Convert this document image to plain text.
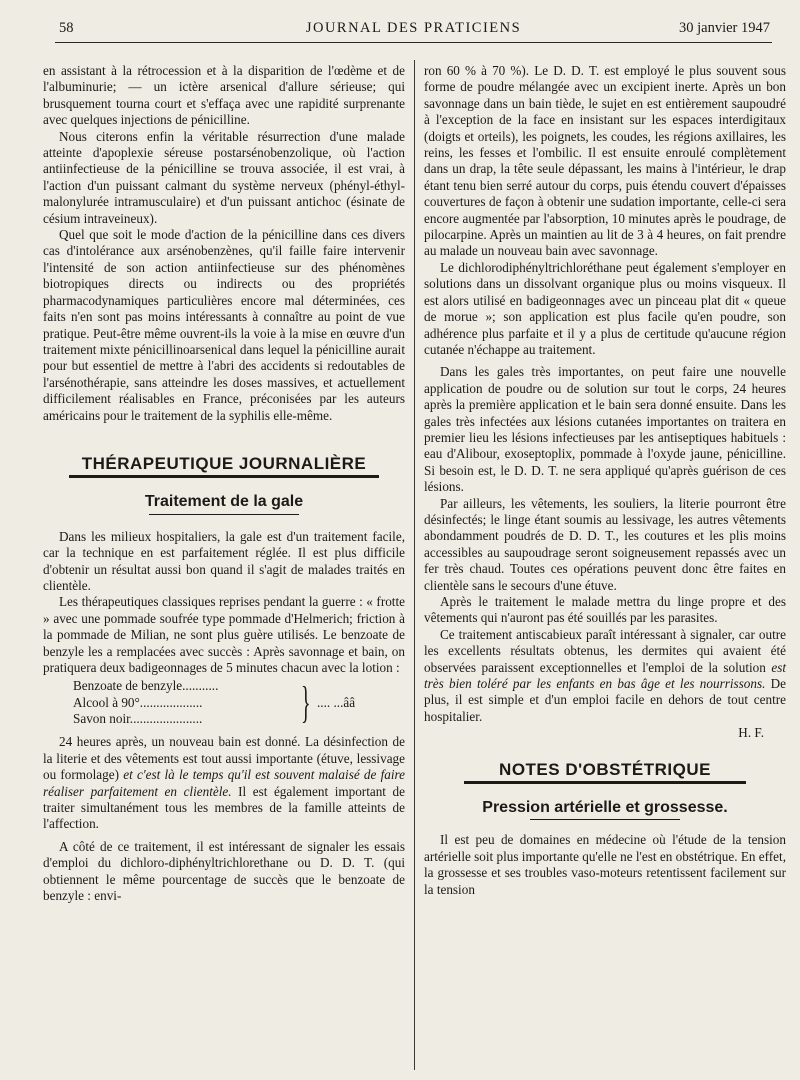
58	JOURNAL DES PRATICIENS	30 janvier 1947

en assistant à la rétrocession et à la disparition de l'œdème et de l'albuminurie; — un ictère arsenical d'allure sérieuse; qui brusquement tourna court et s'effaça avec une rapidité surprenante avec quelques injections de pénicilline.

Nous citerons enfin la véritable résurrection d'une malade atteinte d'apoplexie séreuse postarsénobenzolique, où l'action antiinfectieuse de la pénicilline se trouva associée, il est vrai, à l'action d'un puissant calmant du système nerveux (phényl-éthyl-malonylurée intramusculaire) et d'un puissant antichoc (ésinate de césium intraveineux).

Quel que soit le mode d'action de la pénicilline dans ces divers cas d'intolérance aux arsénobenzènes, qu'il faille faire intervenir l'intensité de son action antiinfectieuse sur des phénomènes biotropiques directs ou indirects ou des propriétés pharmacodynamiques particulières encore mal déterminées, ces faits n'en sont pas moins intéressants à connaître au point de vue pratique. Peut-être même ouvrent-ils la voie à la mise en œuvre d'un traitement mixte pénicillinoarsenical dans lequel la pénicilline aurait pour but essentiel de mettre à l'abri des accidents si redoutables de l'arsénothérapie, sans atteindre les doses massives, et actuellement difficilement réalisables en France, préconisées par les auteurs américains pour le traitement de la syphilis elle-même.

THÉRAPEUTIQUE JOURNALIÈRE
Traitement de la gale

Dans les milieux hospitaliers, la gale est d'un traitement facile, car la technique en est parfaitement réglée. Il est plus difficile d'obtenir un résultat aussi bon quand il s'agit de malades traités en clientèle.

Les thérapeutiques classiques reprises pendant la guerre : « frotte » avec une pommade soufrée type pommade d'Helmerich; friction à la pommade de Milian, ne sont plus guère utilisés. Le benzoate de benzyle les a remplacées avec succès : Après savonnage et bain, on pratiquera deux badigeonnages de 5 minutes chacun avec la lotion :

Benzoate de benzyle...........
Alcool à 90°...................
Savon noir......................	} .... ...ââ

24 heures après, un nouveau bain est donné. La désinfection de la literie et des vêtements est tout aussi importante (étuve, lessivage ou formolage) et c'est là le temps qu'il est souvent malaisé de faire réaliser parfaitement en clientèle. Il est également important de traiter simultanément tous les membres de la famille atteints de l'affection.

A côté de ce traitement, il est intéressant de signaler les essais d'emploi du dichloro-diphényltrichlorethane ou D. D. T. (qui obtiennent le même pourcentage de succès que le benzoate de benzyle : envi-

ron 60 % à 70 %). Le D. D. T. est employé le plus souvent sous forme de poudre mélangée avec un excipient inerte. Après un bon savonnage dans un bain tiède, le sujet en est entièrement saupoudré à l'exception de la face en insistant sur les espaces interdigitaux (doigts et orteils), les poignets, les coudes, les régions axillaires, les reins, les fesses et l'ombilic. Il est ensuite enroulé complètement dans un drap, la tête seule dépassant, les mains à l'intérieur, le drap étant tenu bien serré autour du corps, puis étendu couvert d'épaisses couvertures de façon à obtenir une sudation importante, celle-ci sera encore augmentée par l'absorption, 10 minutes après le poudrage, de pilocarpine. Après un maintien au lit de 3 à 4 heures, on fait prendre au malade un nouveau bain avec savonnage.

Le dichlorodiphényltrichloréthane peut également s'employer en solutions dans un dissolvant organique plus ou moins visqueux. Il est alors utilisé en badigeonnages avec un pinceau plat dit « queue de morue »; son application est plus facile qu'en poudre, son adhérence plus parfaite et il y a plus de certitude qu'aucune région cutanée n'échappe au traitement.

Dans les gales très importantes, on peut faire une nouvelle application de poudre ou de solution sur tout le corps, 24 heures après la première application et le bain sera donné ensuite. Dans les gales très infectées aux lésions cutanées importantes on traitera en premier lieu les lésions infectieuses par les antiseptiques habituels : eau d'Alibour, exoseptoplix, pommade à l'oxyde jaune, pénicilline. Si besoin est, le D. D. T. ne sera appliqué qu'après guérison de ces lésions.

Par ailleurs, les vêtements, les souliers, la literie pourront être désinfectés; le linge étant soumis au lessivage, les autres vêtements abondamment poudrés de D. D. T., les coutures et les plis moins accessibles au saupoudrage seront soigneusement repassés avec un fer très chaud. Toutes ces opérations peuvent donc être faites en clientèle sans le secours d'une étuve.

Après le traitement le malade mettra du linge propre et des vêtements qui n'auront pas été souillés par les parasites.

Ce traitement antiscabieux paraît intéressant à signaler, car outre les excellents résultats obtenus, les dermites qui avaient été observées paraissent exceptionnelles et l'emploi de la solution est très bien toléré par les enfants en bas âge et les nourrissons. De plus, il est simple et d'un emploi facile en dehors de tout centre hospitalier.

H. F.
NOTES D'OBSTÉTRIQUE
Pression artérielle et grossesse.

Il est peu de domaines en médecine où l'étude de la tension artérielle soit plus importante qu'elle ne l'est en obstétrique. En effet, la grossesse et ses troubles vaso-moteurs retentissent facilement sur la tension
